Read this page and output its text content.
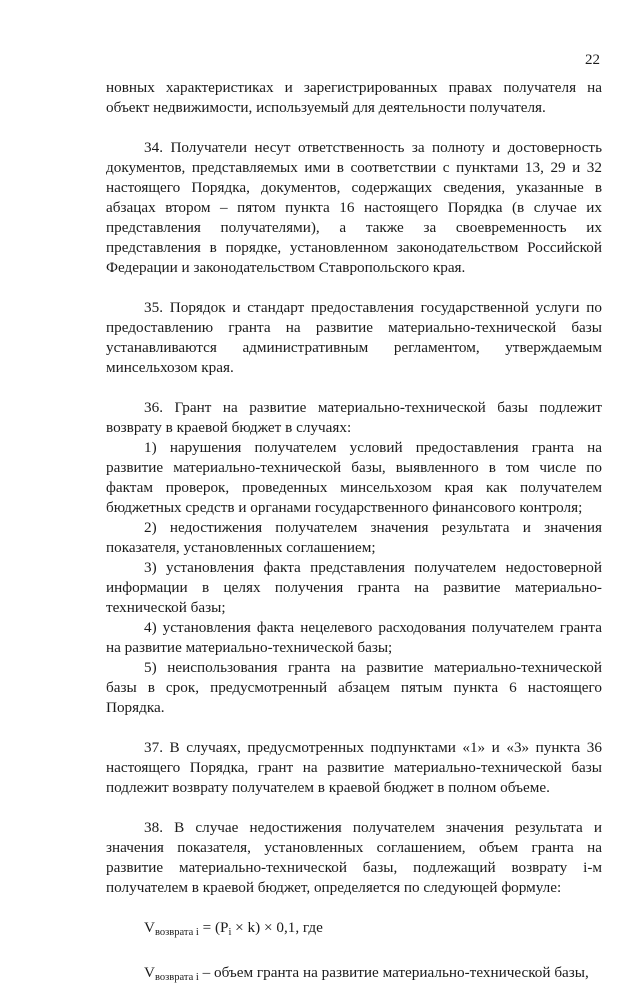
22

новных характеристиках и зарегистрированных правах получателя на объект недвижимости, используемый для деятельности получателя.

34. Получатели несут ответственность за полноту и достоверность документов, представляемых ими в соответствии с пунктами 13, 29 и 32 настоящего Порядка, документов, содержащих сведения, указанные в абзацах втором – пятом пункта 16 настоящего Порядка (в случае их представления получателями), а также за своевременность их представления в порядке, установленном законодательством Российской Федерации и законодательством Ставропольского края.

35. Порядок и стандарт предоставления государственной услуги по предоставлению гранта на развитие материально-технической базы устанавливаются административным регламентом, утверждаемым минсельхозом края.

36. Грант на развитие материально-технической базы подлежит возврату в краевой бюджет в случаях:

1) нарушения получателем условий предоставления гранта на развитие материально-технической базы, выявленного в том числе по фактам проверок, проведенных минсельхозом края как получателем бюджетных средств и органами государственного финансового контроля;

2) недостижения получателем значения результата и значения показателя, установленных соглашением;

3) установления факта представления получателем недостоверной информации в целях получения гранта на развитие материально-технической базы;

4) установления факта нецелевого расходования получателем гранта на развитие материально-технической базы;

5) неиспользования гранта на развитие материально-технической базы в срок, предусмотренный абзацем пятым пункта 6 настоящего Порядка.

37. В случаях, предусмотренных подпунктами «1» и «3» пункта 36 настоящего Порядка, грант на развитие материально-технической базы подлежит возврату получателем в краевой бюджет в полном объеме.

38. В случае недостижения получателем значения результата и значения показателя, установленных соглашением, объем гранта на развитие материально-технической базы, подлежащий возврату i-м получателем в краевой бюджет, определяется по следующей формуле:

$V_{возврата i} = (P_i \times k) \times 0,1$, где

$V_{возврата i}$ – объем гранта на развитие материально-технической базы,
